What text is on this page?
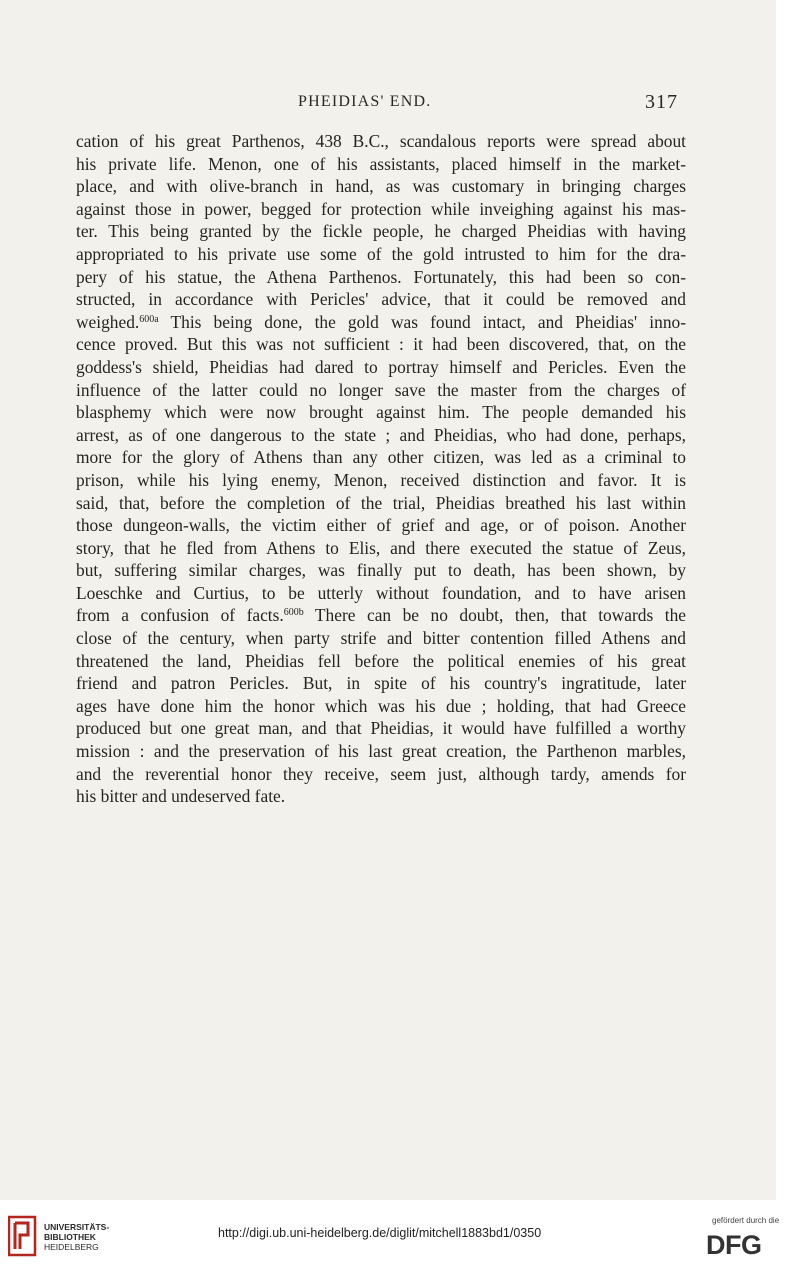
PHEIDIAS' END.	317
cation of his great Parthenos, 438 B.C., scandalous reports were spread about
his private life. Menon, one of his assistants, placed himself in the market-
place, and with olive-branch in hand, as was customary in bringing charges
against those in power, begged for protection while inveighing against his mas-
ter. This being granted by the fickle people, he charged Pheidias with having
appropriated to his private use some of the gold intrusted to him for the dra-
pery of his statue, the Athena Parthenos. Fortunately, this had been so con-
structed, in accordance with Pericles' advice, that it could be removed and
weighed.$^{600a}$ This being done, the gold was found intact, and Pheidias' inno-
cence proved. But this was not sufficient : it had been discovered, that, on the
goddess's shield, Pheidias had dared to portray himself and Pericles. Even the
influence of the latter could no longer save the master from the charges of
blasphemy which were now brought against him. The people demanded his
arrest, as of one dangerous to the state ; and Pheidias, who had done, perhaps,
more for the glory of Athens than any other citizen, was led as a criminal to
prison, while his lying enemy, Menon, received distinction and favor. It is
said, that, before the completion of the trial, Pheidias breathed his last within
those dungeon-walls, the victim either of grief and age, or of poison. Another
story, that he fled from Athens to Elis, and there executed the statue of Zeus,
but, suffering similar charges, was finally put to death, has been shown, by
Loeschke and Curtius, to be utterly without foundation, and to have arisen
from a confusion of facts.$^{600b}$ There can be no doubt, then, that towards the
close of the century, when party strife and bitter contention filled Athens and
threatened the land, Pheidias fell before the political enemies of his great
friend and patron Pericles. But, in spite of his country's ingratitude, later
ages have done him the honor which was his due ; holding, that had Greece
produced but one great man, and that Pheidias, it would have fulfilled a worthy
mission : and the preservation of his last great creation, the Parthenon marbles,
and the reverential honor they receive, seem just, although tardy, amends for
his bitter and undeserved fate.
UNIVERSITÄTS-
BIBLIOTHEK
HEIDELBERG
http://digi.ub.uni-heidelberg.de/diglit/mitchell1883bd1/0350
gefördert durch die
DFG
